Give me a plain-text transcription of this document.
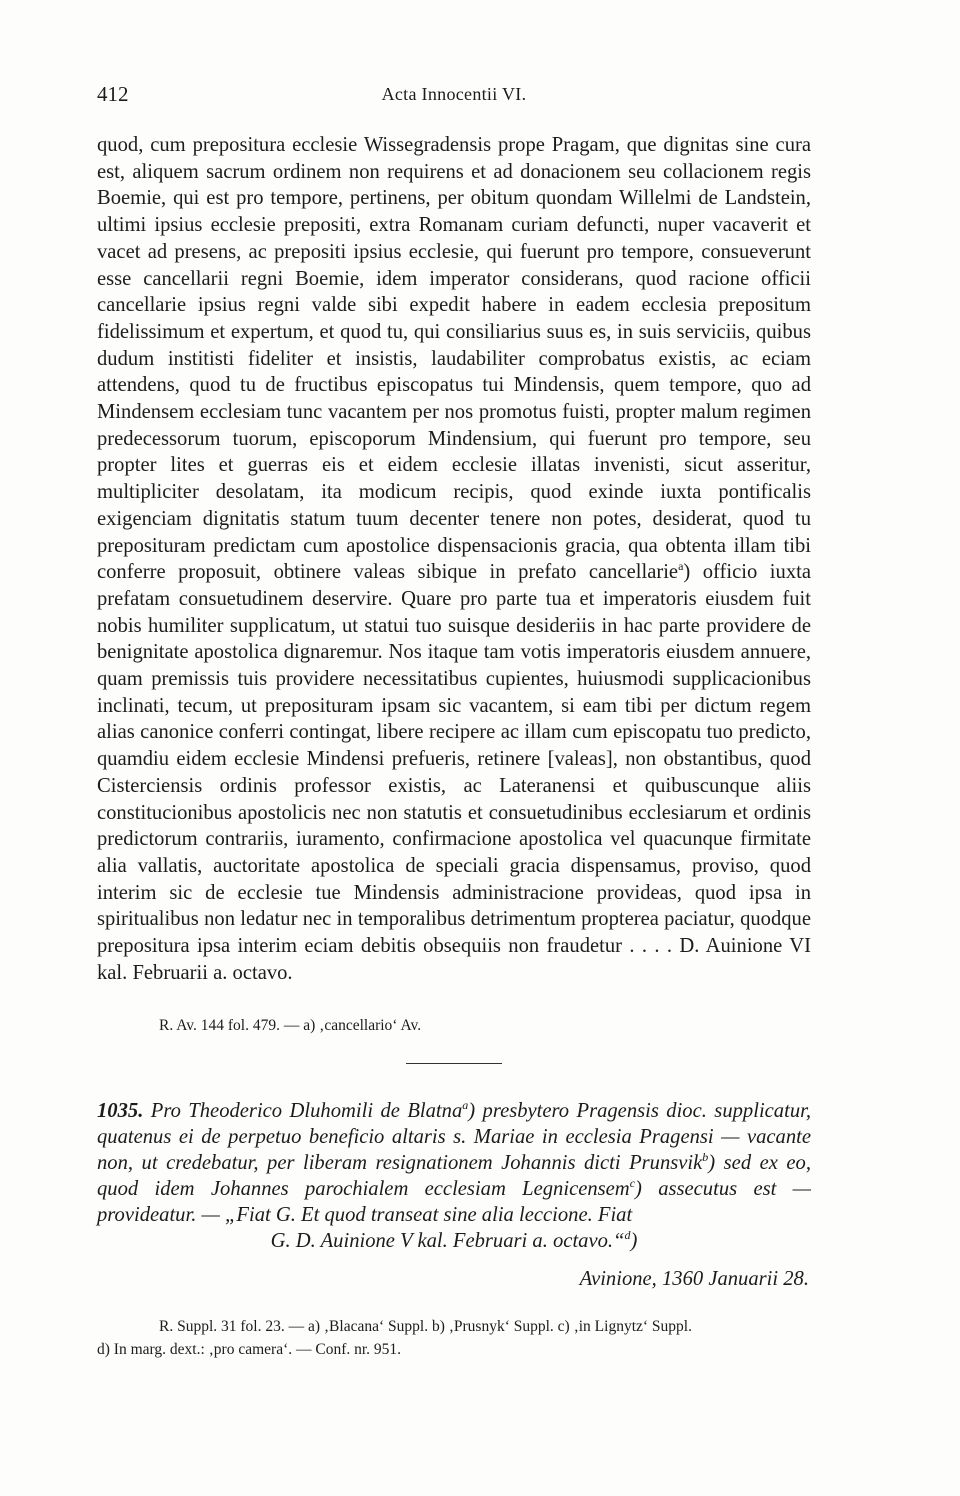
412	Acta Innocentii VI.

quod, cum prepositura ecclesie Wissegradensis prope Pragam, que dignitas sine cura est, aliquem sacrum ordinem non requirens et ad donacionem seu collacionem regis Boemie, qui est pro tempore, pertinens, per obitum quondam Willelmi de Landstein, ultimi ipsius ecclesie prepositi, extra Romanam curiam defuncti, nuper vacaverit et vacet ad presens, ac prepositi ipsius ecclesie, qui fuerunt pro tempore, consueverunt esse cancellarii regni Boemie, idem imperator considerans, quod racione officii cancellarie ipsius regni valde sibi expedit habere in eadem ecclesia prepositum fidelissimum et expertum, et quod tu, qui consiliarius suus es, in suis serviciis, quibus dudum institisti fideliter et insistis, laudabiliter comprobatus existis, ac eciam attendens, quod tu de fructibus episcopatus tui Mindensis, quem tempore, quo ad Mindensem ecclesiam tunc vacantem per nos promotus fuisti, propter malum regimen predecessorum tuorum, episcoporum Mindensium, qui fuerunt pro tempore, seu propter lites et guerras eis et eidem ecclesie illatas invenisti, sicut asseritur, multipliciter desolatam, ita modicum recipis, quod exinde iuxta pontificalis exigenciam dignitatis statum tuum decenter tenere non potes, desiderat, quod tu preposituram predictam cum apostolice dispensacionis gracia, qua obtenta illam tibi conferre proposuit, obtinere valeas sibique in prefato cancellarie$^a$) officio iuxta prefatam consuetudinem deservire. Quare pro parte tua et imperatoris eiusdem fuit nobis humiliter supplicatum, ut statui tuo suisque desideriis in hac parte providere de benignitate apostolica dignaremur. Nos itaque tam votis imperatoris eiusdem annuere, quam premissis tuis providere necessitatibus cupientes, huiusmodi supplicacionibus inclinati, tecum, ut preposituram ipsam sic vacantem, si eam tibi per dictum regem alias canonice conferri contingat, libere recipere ac illam cum episcopatu tuo predicto, quamdiu eidem ecclesie Mindensi prefueris, retinere [valeas], non obstantibus, quod Cisterciensis ordinis professor existis, ac Lateranensi et quibuscunque aliis constitucionibus apostolicis nec non statutis et consuetudinibus ecclesiarum et ordinis predictorum contrariis, iuramento, confirmacione apostolica vel quacunque firmitate alia vallatis, auctoritate apostolica de speciali gracia dispensamus, proviso, quod interim sic de ecclesie tue Mindensis administracione provideas, quod ipsa in spiritualibus non ledatur nec in temporalibus detrimentum propterea paciatur, quodque prepositura ipsa interim eciam debitis obsequiis non fraudetur . . . . D. Auinione VI kal. Februarii a. octavo.

R. Av. 144 fol. 479. — a) ‚cancellario‘ Av.
1035. Pro Theoderico Dluhomili de Blatna$^a$) presbytero Pragensis dioc. supplicatur, quatenus ei de perpetuo beneficio altaris s. Mariae in ecclesia Pragensi — vacante non, ut credebatur, per liberam resignationem Johannis dicti Prunsvik$^b$) sed ex eo, quod idem Johannes parochialem ecclesiam Legnicensem$^c$) assecutus est — provideatur. — „Fiat G. Et quod transeat sine alia leccione. Fiat
G. D. Auinione V kal. Februari a. octavo.“$^d$)
Avinione, 1360 Januarii 28.
R. Suppl. 31 fol. 23. — a) ‚Blacana‘ Suppl. b) ‚Prusnyk‘ Suppl. c) ‚in Lignytz‘ Suppl.
d) In marg. dext.: ‚pro camera‘. — Conf. nr. 951.
